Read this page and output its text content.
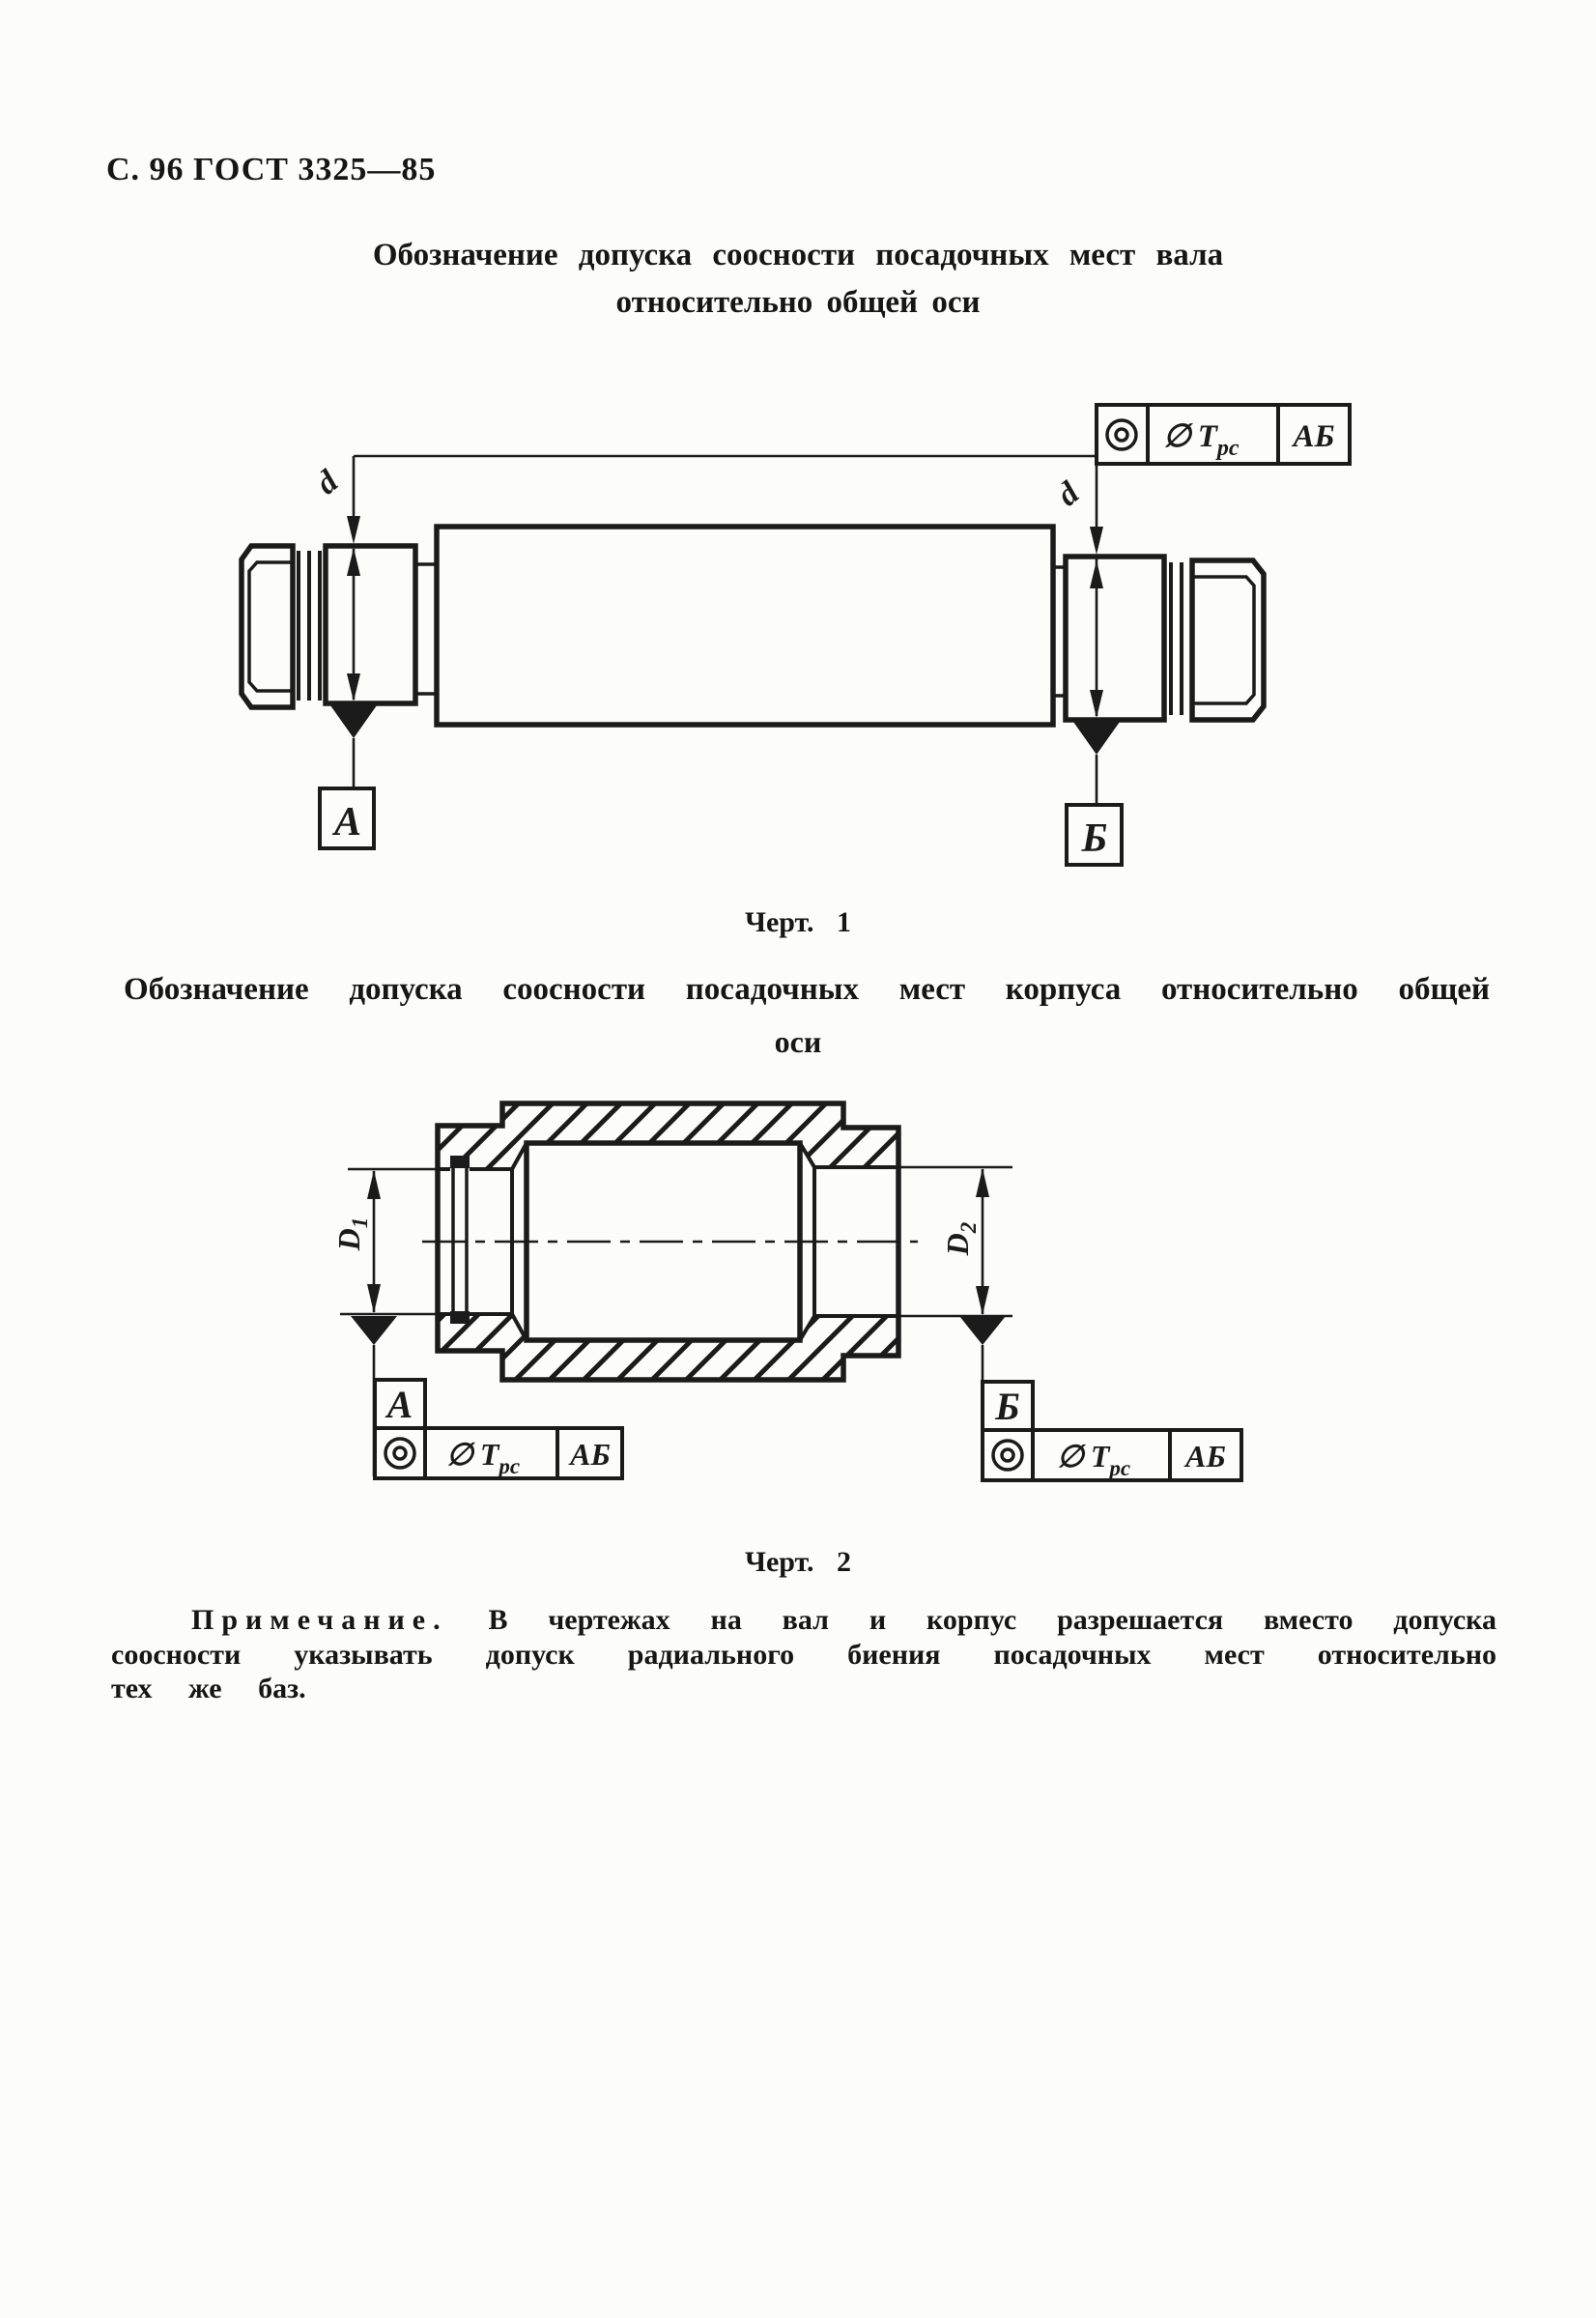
С. 96 ГОСТ 3325—85
Обозначение допуска соосности посадочных мест вала
относительно общей оси
Черт. 1
Обозначение допуска соосности посадочных мест корпуса относительно общей
оси
Черт. 2
Примечание. В чертежах на вал и корпус разрешается вместо допуска
соосности указывать допуск радиального биения посадочных мест относительно
тех же баз.
d	d
∅ $T_{рс}$ АБ
А	Б
$D_1$
$D_2$
А
∅ $T_{рс}$ АБ
Б
∅ $T_{рс}$ АБ
